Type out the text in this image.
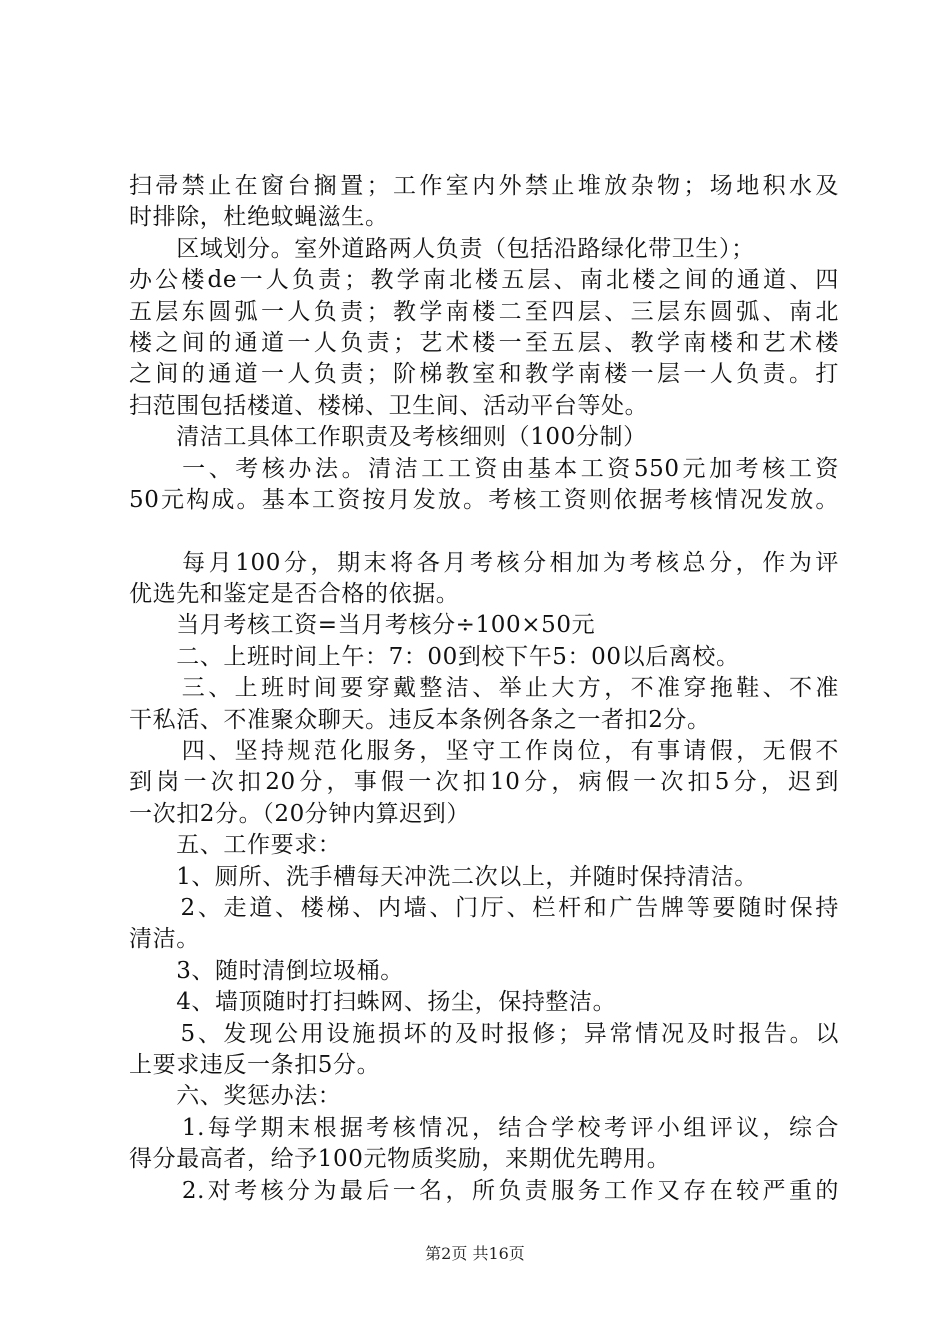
扫帚禁止在窗台搁置；工作室内外禁止堆放杂物；场地积水及
时排除，杜绝蚊蝇滋生。
　　区域划分。室外道路两人负责（包括沿路绿化带卫生）；
办公楼de一人负责；教学南北楼五层、南北楼之间的通道、四
五层东圆弧一人负责；教学南楼二至四层、三层东圆弧、南北
楼之间的通道一人负责；艺术楼一至五层、教学南楼和艺术楼
之间的通道一人负责；阶梯教室和教学南楼一层一人负责。打
扫范围包括楼道、楼梯、卫生间、活动平台等处。
　　清洁工具体工作职责及考核细则（100分制）
　　一、考核办法。清洁工工资由基本工资550元加考核工资
50元构成。基本工资按月发放。考核工资则依据考核情况发放。
　　每月100分，期末将各月考核分相加为考核总分，作为评
优选先和鉴定是否合格的依据。
　　当月考核工资=当月考核分÷100×50元
　　二、上班时间上午：7：00到校下午5：00以后离校。
　　三、上班时间要穿戴整洁、举止大方，不准穿拖鞋、不准
干私活、不准聚众聊天。违反本条例各条之一者扣2分。
　　四、坚持规范化服务，坚守工作岗位，有事请假，无假不
到岗一次扣20分，事假一次扣10分，病假一次扣5分，迟到
一次扣2分。（20分钟内算迟到）
　　五、工作要求：
　　1、厕所、洗手槽每天冲洗二次以上，并随时保持清洁。
　　2、走道、楼梯、内墙、门厅、栏杆和广告牌等要随时保持
清洁。
　　3、随时清倒垃圾桶。
　　4、墙顶随时打扫蛛网、扬尘，保持整洁。
　　5、发现公用设施损坏的及时报修；异常情况及时报告。以
上要求违反一条扣5分。
　　六、奖惩办法：
　　1.每学期末根据考核情况，结合学校考评小组评议，综合
得分最高者，给予100元物质奖励，来期优先聘用。
　　2.对考核分为最后一名，所负责服务工作又存在较严重的
第2页 共16页
